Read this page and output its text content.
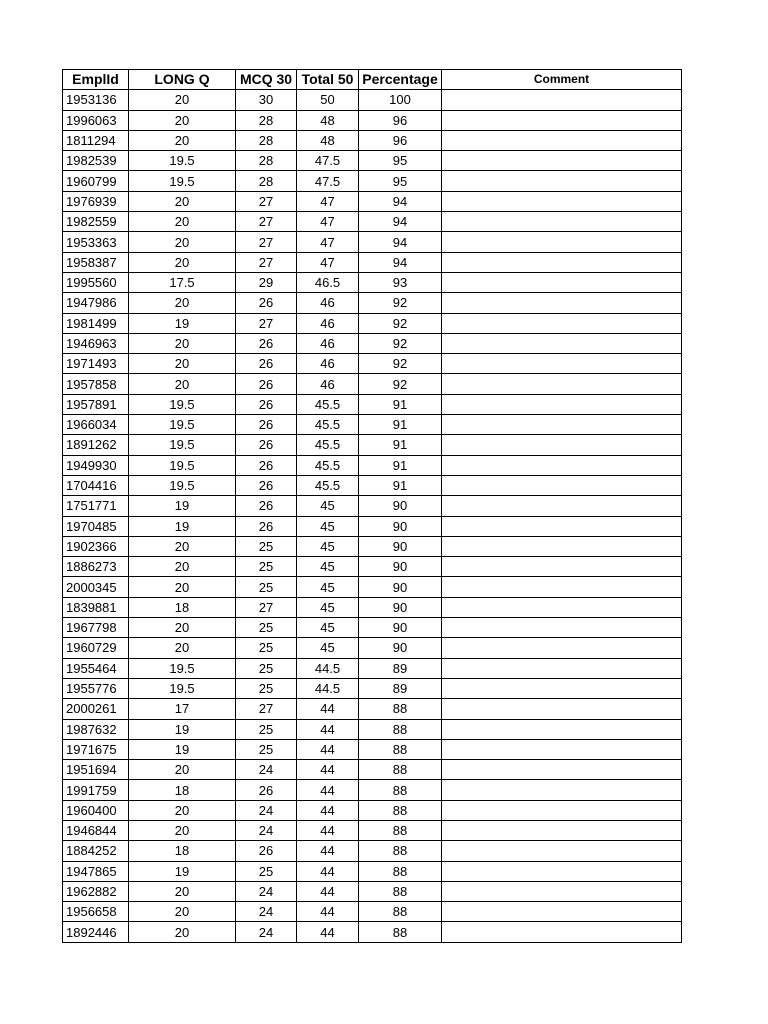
EmplId	LONG Q	MCQ 30	Total 50	Percentage	Comment
1953136	20	30	50	100	
1996063	20	28	48	96	
1811294	20	28	48	96	
1982539	19.5	28	47.5	95	
1960799	19.5	28	47.5	95	
1976939	20	27	47	94	
1982559	20	27	47	94	
1953363	20	27	47	94	
1958387	20	27	47	94	
1995560	17.5	29	46.5	93	
1947986	20	26	46	92	
1981499	19	27	46	92	
1946963	20	26	46	92	
1971493	20	26	46	92	
1957858	20	26	46	92	
1957891	19.5	26	45.5	91	
1966034	19.5	26	45.5	91	
1891262	19.5	26	45.5	91	
1949930	19.5	26	45.5	91	
1704416	19.5	26	45.5	91	
1751771	19	26	45	90	
1970485	19	26	45	90	
1902366	20	25	45	90	
1886273	20	25	45	90	
2000345	20	25	45	90	
1839881	18	27	45	90	
1967798	20	25	45	90	
1960729	20	25	45	90	
1955464	19.5	25	44.5	89	
1955776	19.5	25	44.5	89	
2000261	17	27	44	88	
1987632	19	25	44	88	
1971675	19	25	44	88	
1951694	20	24	44	88	
1991759	18	26	44	88	
1960400	20	24	44	88	
1946844	20	24	44	88	
1884252	18	26	44	88	
1947865	19	25	44	88	
1962882	20	24	44	88	
1956658	20	24	44	88	
1892446	20	24	44	88	
